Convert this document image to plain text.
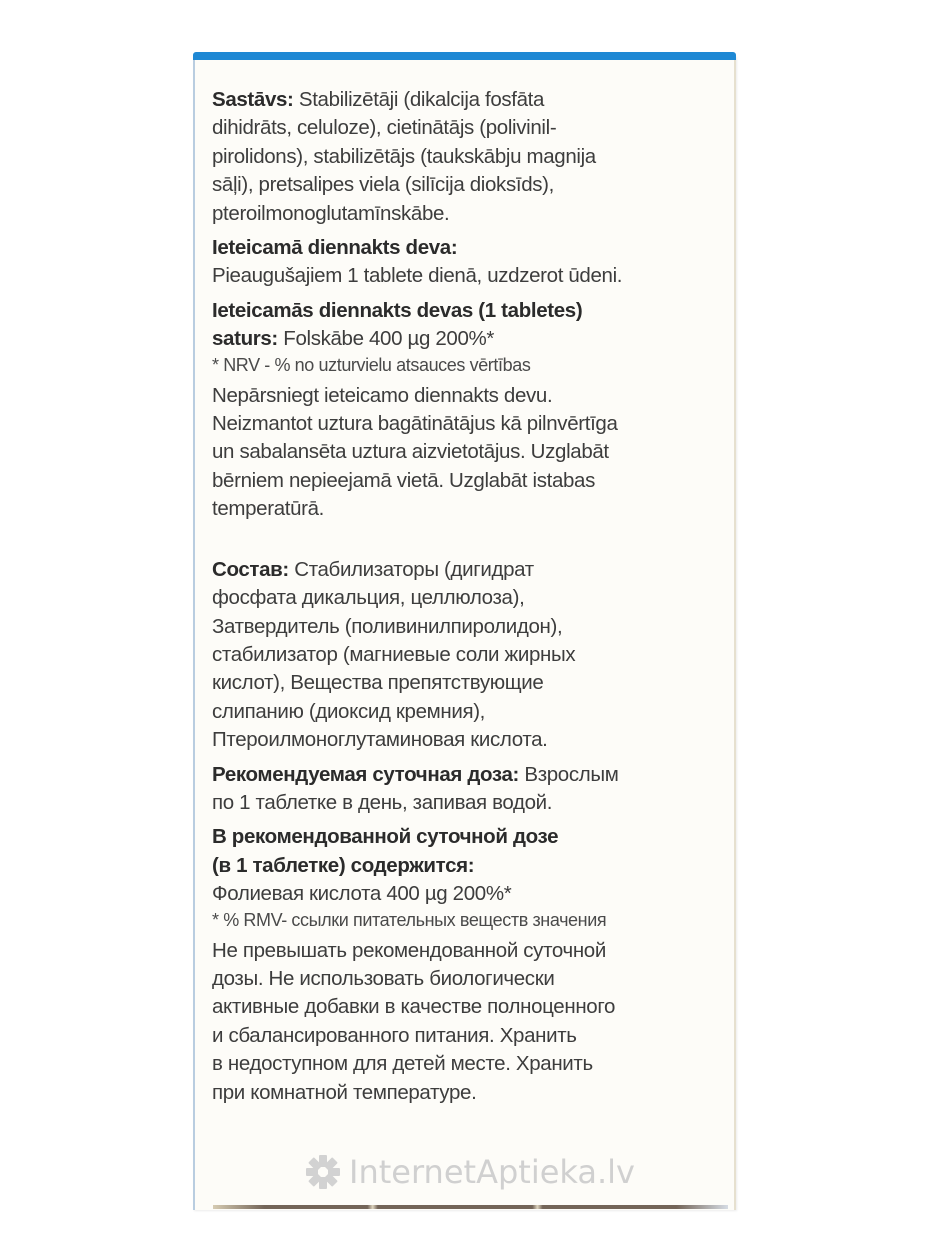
Sastāvs: Stabilizētāji (dikalcija fosfāta
dihidrāts, celuloze), cietinātājs (polivinil-
pirolidons), stabilizētājs (taukskābju magnija
sāļi), pretsalipes viela (silīcija dioksīds),
pteroilmonoglutamīnskābe.
Ieteicamā diennakts deva:
Pieaugušajiem 1 tablete dienā, uzdzerot ūdeni.
Ieteicamās diennakts devas (1 tabletes)
saturs: Folskābe 400 µg 200%*
* NRV - % no uzturvielu atsauces vērtības
Nepārsniegt ieteicamo diennakts devu.
Neizmantot uztura bagātinātājus kā pilnvērtīga
un sabalansēta uztura aizvietotājus. Uzglabāt
bērniem nepieejamā vietā. Uzglabāt istabas
temperatūrā.
Состав: Стабилизаторы (дигидрат
фосфата дикальция, целлюлоза),
Затвердитель (поливинилпиролидон),
стабилизатор (магниевые соли жирных
кислот), Вещества препятствующие
слипанию (диоксид кремния),
Птероилмоноглутаминовая кислота.
Рекомендуемая суточная доза: Взрослым
по 1 таблетке в день, запивая водой.
В рекомендованной суточной дозе
(в 1 таблетке) содержится:
Фолиевая кислота 400 µg 200%*
* % RMV- ссылки питательных веществ значения
Не превышать рекомендованной суточной
дозы. Не использовать биологически
активные добавки в качестве полноценного
и сбалансированного питания. Хранить
в недоступном для детей месте. Хранить
при комнатной температуре.
InternetAptieka.lv
